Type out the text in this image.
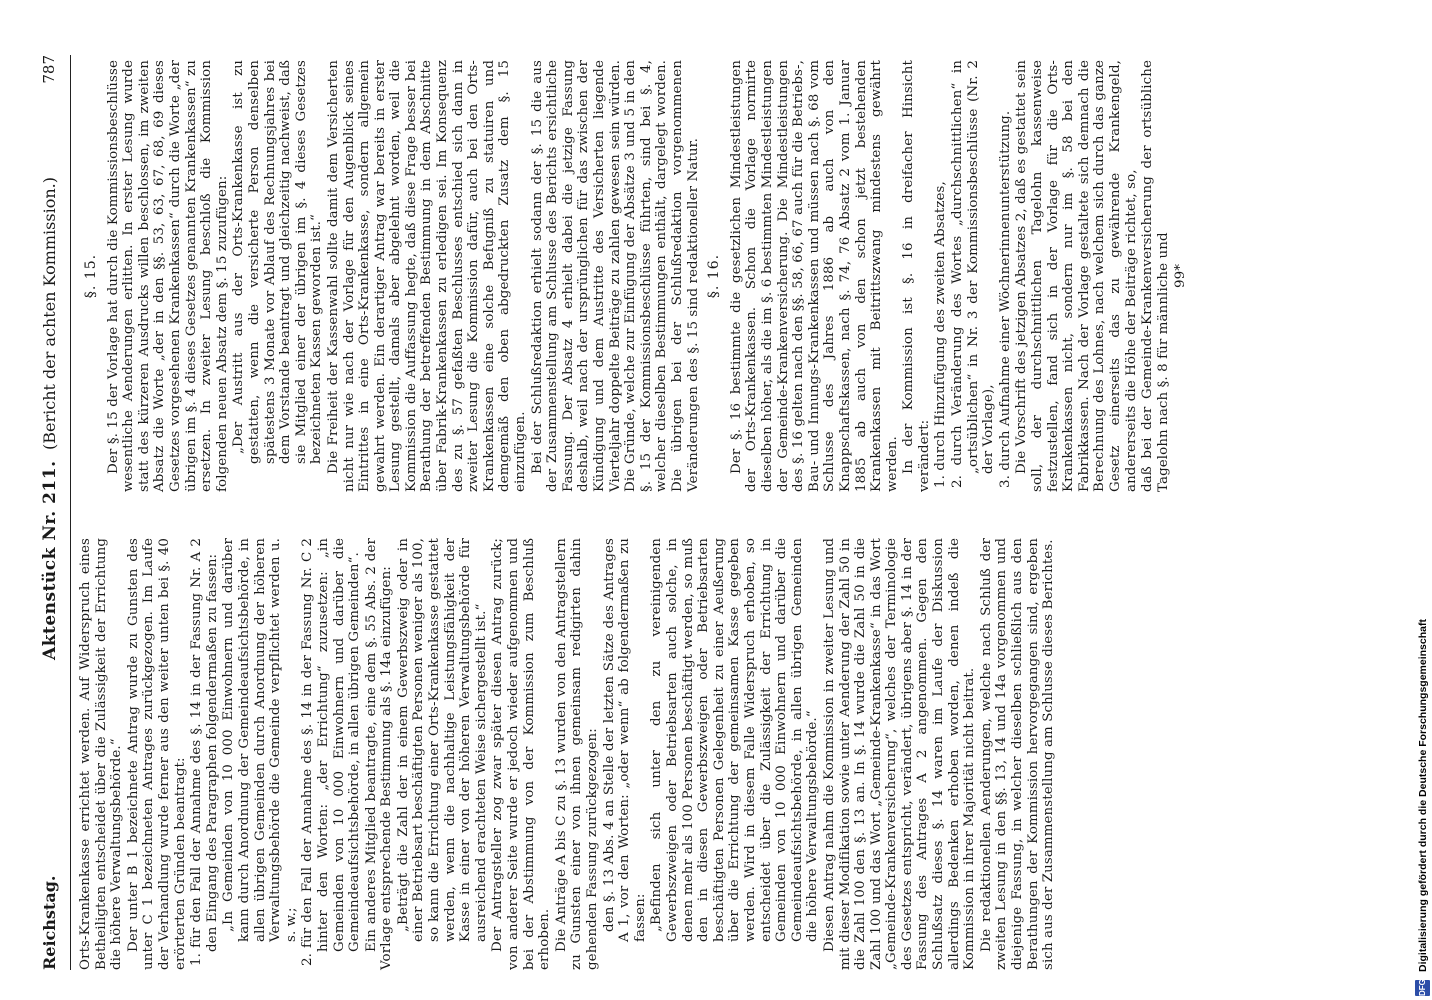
Reichstag.
Aktenstück Nr. 211.
(Bericht der achten Kommission.)
787

Orts-Krankenkasse errichtet werden. Auf Widerspruch eines Betheiligten entscheidet über die Zulässigkeit der Errichtung die höhere Verwaltungsbehörde.“ Der unter B 1 bezeichnete Antrag wurde zu Gunsten des unter C 1 bezeichneten Antrages zurückgezogen. Im Laufe der Verhandlung wurde ferner aus den weiter unten bei §. 40 erörterten Gründen beantragt: 1. für den Fall der Annahme des §. 14 in der Fassung Nr. A 2 den Eingang des Paragraphen folgendermaßen zu fassen: „In Gemeinden von 10 000 Einwohnern und darüber kann durch Anordnung der Gemeindeaufsichtsbehörde, in allen übrigen Gemeinden durch Anordnung der höheren Verwaltungsbehörde die Gemeinde verpflichtet werden u. s. w.; 2. für den Fall der Annahme des §. 14 in der Fassung Nr. C 2 hinter den Worten: „der Errichtung“ zuzusetzen: „in Gemeinden von 10 000 Einwohnern und darüber die Gemeindeaufsichtsbehörde, in allen übrigen Gemeinden“. Ein anderes Mitglied beantragte, eine dem §. 55 Abs. 2 der Vorlage entsprechende Bestimmung als §. 14a einzufügen: „Beträgt die Zahl der in einem Gewerbszweig oder in einer Betriebsart beschäftigten Personen weniger als 100, so kann die Errichtung einer Orts-Krankenkasse gestattet werden, wenn die nachhaltige Leistungsfähigkeit der Kasse in einer von der höheren Verwaltungsbehörde für ausreichend erachteten Weise sichergestellt ist.“ Der Antragsteller zog zwar später diesen Antrag zurück; von anderer Seite wurde er jedoch wieder aufgenommen und bei der Abstimmung von der Kommission zum Beschluß erhoben. Die Anträge A bis C zu §. 13 wurden von den Antragstellern zu Gunsten einer von ihnen gemeinsam redigirten dahin gehenden Fassung zurückgezogen: den §. 13 Abs. 4 an Stelle der letzten Sätze des Antrages A 1, vor den Worten: „oder wenn“ ab folgendermaßen zu fassen: „Befinden sich unter den zu vereinigenden Gewerbszweigen oder Betriebsarten auch solche, in denen mehr als 100 Personen beschäftigt werden, so muß den in diesen Gewerbszweigen oder Betriebsarten beschäftigten Personen Gelegenheit zu einer Aeußerung über die Errichtung der gemeinsamen Kasse gegeben werden. Wird in diesem Falle Widerspruch erhoben, so entscheidet über die Zulässigkeit der Errichtung in Gemeinden von 10 000 Einwohnern und darüber die Gemeindeaufsichtsbehörde, in allen übrigen Gemeinden die höhere Verwaltungsbehörde.“ Diesen Antrag nahm die Kommission in zweiter Lesung und mit dieser Modifikation sowie unter Aenderung der Zahl 50 in die Zahl 100 den §. 13 an. In §. 14 wurde die Zahl 50 in die Zahl 100 und das Wort „Gemeinde-Krankenkasse“ in das Wort „Gemeinde-Krankenversicherung“, welches der Terminologie des Gesetzes entspricht, verändert, übrigens aber §. 14 in der Fassung des Antrages A 2 angenommen. Gegen den Schlußsatz dieses §. 14 waren im Laufe der Diskussion allerdings Bedenken erhoben worden, denen indeß die Kommission in ihrer Majorität nicht beitrat. Die redaktionellen Aenderungen, welche nach Schluß der zweiten Lesung in den §§. 13, 14 und 14a vorgenommen und diejenige Fassung, in welcher dieselben schließlich aus den Berathungen der Kommission hervorgegangen sind, ergeben sich aus der Zusammenstellung am Schlusse dieses Berichtes.

§. 15. Der §. 15 der Vorlage hat durch die Kommissionsbeschlüsse wesentliche Aenderungen erlitten. In erster Lesung wurde statt des kürzeren Ausdrucks willen beschlossen, im zweiten Absatz die Worte „der in den §§. 53, 63, 67, 68, 69 dieses Gesetzes vorgesehenen Krankenkassen“ durch die Worte „der übrigen im §. 4 dieses Gesetzes genannten Krankenkassen“ zu ersetzen. In zweiter Lesung beschloß die Kommission folgenden neuen Absatz dem §. 15 zuzufügen: „Der Austritt aus der Orts-Krankenkasse ist zu gestatten, wenn die versicherte Person denselben spätestens 3 Monate vor Ablauf des Rechnungsjahres bei dem Vorstande beantragt und gleichzeitig nachweist, daß sie Mitglied einer der übrigen im §. 4 dieses Gesetzes bezeichneten Kassen geworden ist.“ Die Freiheit der Kassenwahl sollte damit dem Versicherten nicht nur wie nach der Vorlage für den Augenblick seines Eintrittes in eine Orts-Krankenkasse, sondern allgemein gewahrt werden. Ein derartiger Antrag war bereits in erster Lesung gestellt, damals aber abgelehnt worden, weil die Kommission die Auffassung hegte, daß diese Frage besser bei Berathung der betreffenden Bestimmung in dem Abschnitte über Fabrik-Krankenkassen zu erledigen sei. Im Konsequenz des zu §. 57 gefaßten Beschlusses entschied sich dann in zweiter Lesung die Kommission dafür, auch bei den Orts-Krankenkassen eine solche Befugniß zu statuiren und demgemäß den oben abgedruckten Zusatz dem §. 15 einzufügen. Bei der Schlußredaktion erhielt sodann der §. 15 die aus der Zusammenstellung am Schlusse des Berichts ersichtliche Fassung. Der Absatz 4 erhielt dabei die jetzige Fassung deshalb, weil nach der ursprünglichen für das zwischen der Kündigung und dem Austritte des Versicherten liegende Vierteljahr doppelte Beiträge zu zahlen gewesen sein würden. Die Gründe, welche zur Einfügung der Absätze 3 und 5 in den §. 15 der Kommissionsbeschlüsse führten, sind bei §. 4, welcher dieselben Bestimmungen enthält, dargelegt worden. Die übrigen bei der Schlußredaktion vorgenommenen Veränderungen des §. 15 sind redaktioneller Natur. §. 16. Der §. 16 bestimmte die gesetzlichen Mindestleistungen der Orts-Krankenkassen. Schon die Vorlage normirte dieselben höher, als die im §. 6 bestimmten Mindestleistungen der Gemeinde-Krankenversicherung. Die Mindestleistungen des §. 16 gelten nach den §§. 58, 66, 67 auch für die Betriebs-, Bau- und Innungs-Krankenkassen und müssen nach §. 68 vom Schlusse des Jahres 1886 ab auch von den Knappschaftskassen, nach §. 74, 76 Absatz 2 vom 1. Januar 1885 ab auch von den schon jetzt bestehenden Krankenkassen mit Beitrittszwang mindestens gewährt werden. In der Kommission ist §. 16 in dreifacher Hinsicht verändert: 1. durch Hinzufügung des zweiten Absatzes, 2. durch Veränderung des Wortes „durchschnittlichen“ in „ortsüblichen“ in Nr. 3 der Kommissionsbeschlüsse (Nr. 2 der Vorlage), 3. durch Aufnahme einer Wöchnerinnenunterstützung. Die Vorschrift des jetzigen Absatzes 2, daß es gestattet sein soll, der durchschnittlichen Tagelohn kassenweise festzustellen, fand sich in der Vorlage für die Orts-Krankenkassen nicht, sondern nur im §. 58 bei den Fabrikkassen. Nach der Vorlage gestaltete sich demnach die Berechnung des Lohnes, nach welchem sich durch das ganze Gesetz einerseits das zu gewährende Krankengeld, andererseits die Höhe der Beiträge richtet, so, daß bei der Gemeinde-Krankenversicherung der ortsübliche Tagelohn nach §. 8 für männliche und 99*

DFG
Digitalisierung gefördert durch die Deutsche Forschungsgemeinschaft
